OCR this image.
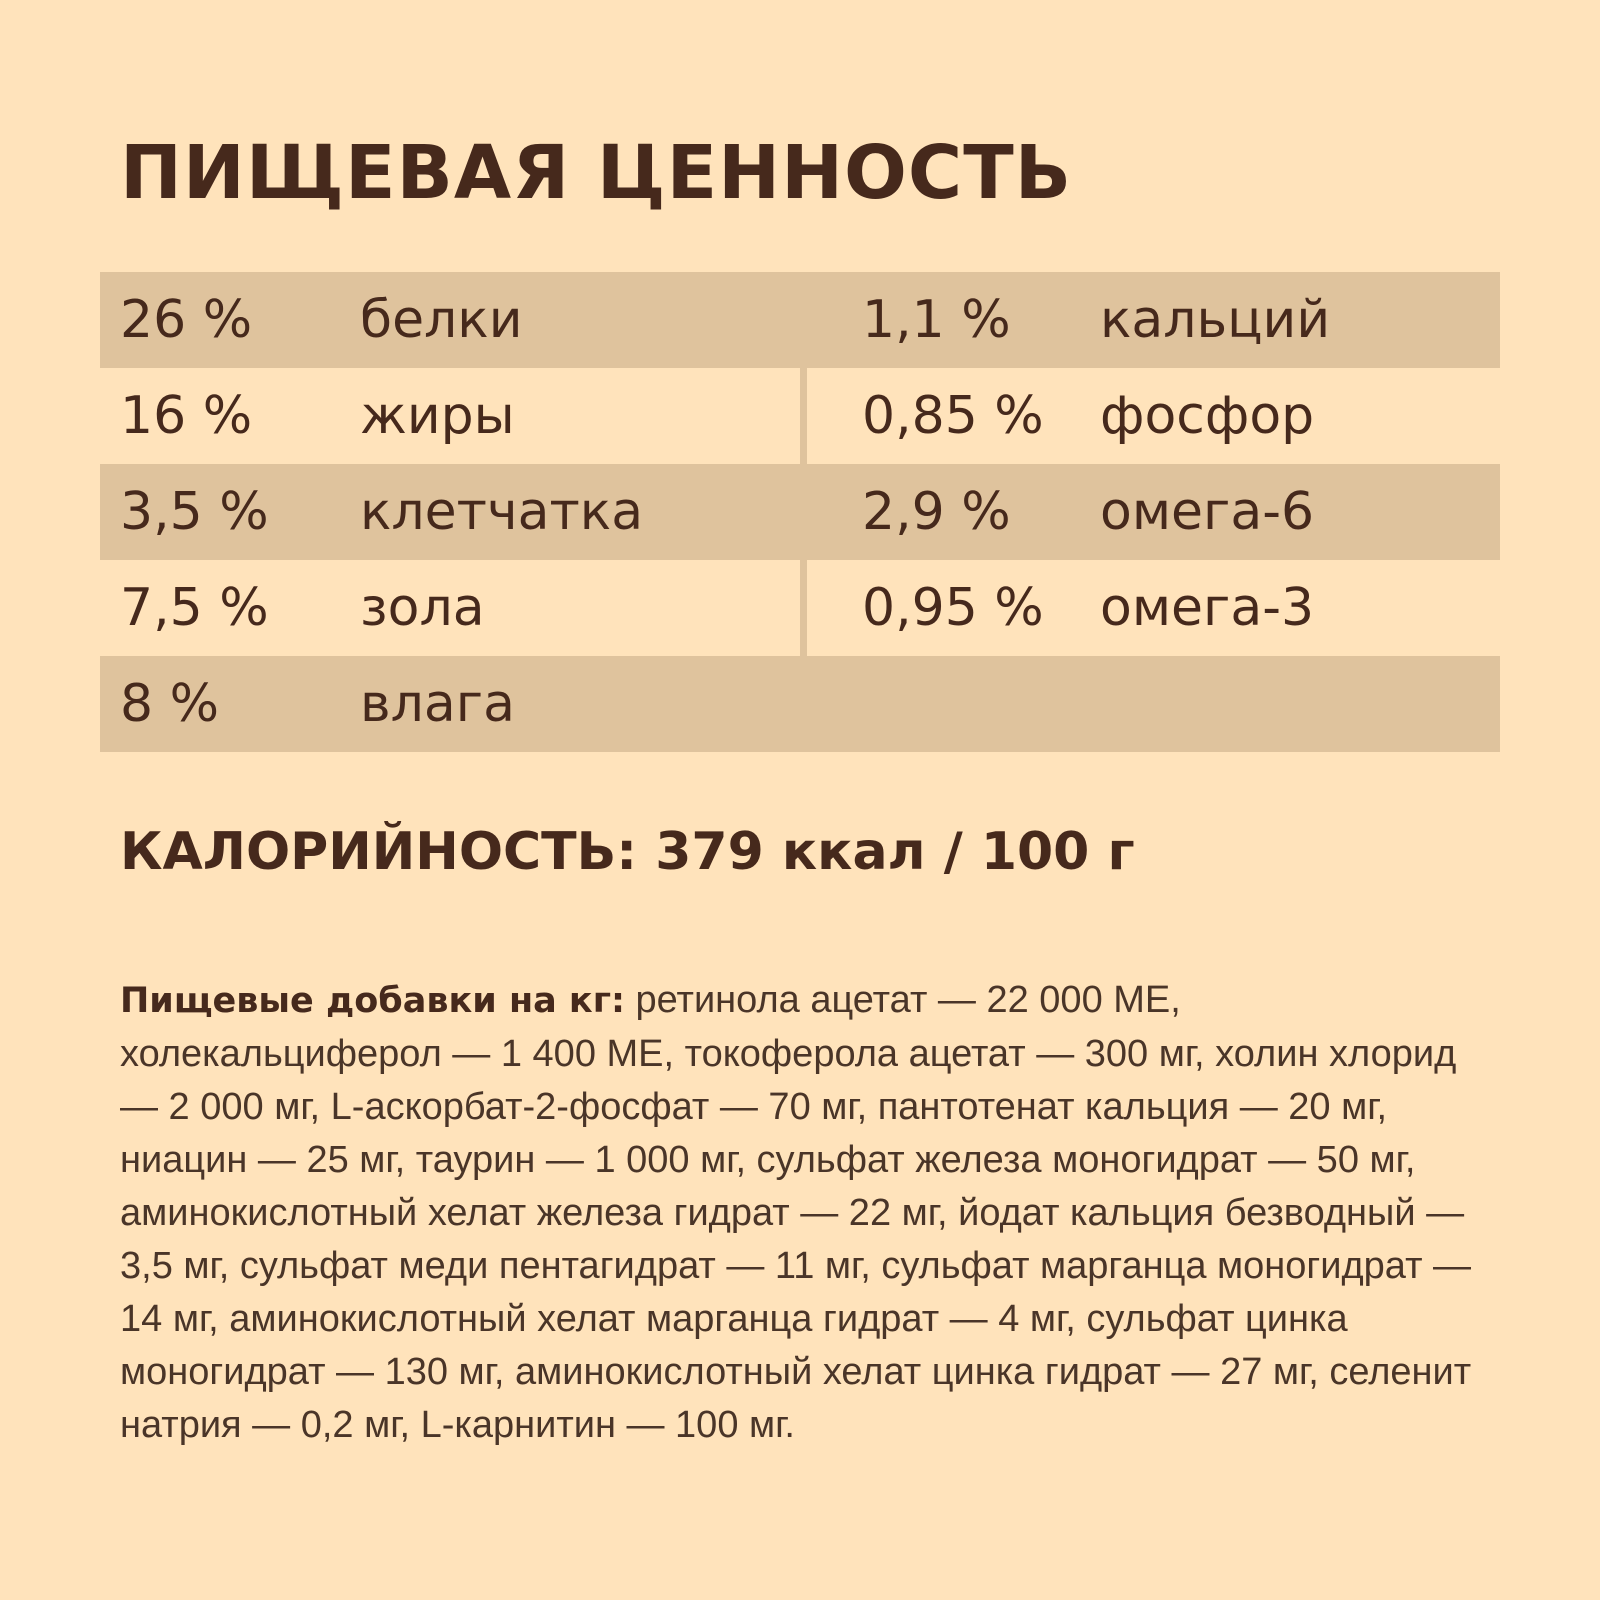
ПИЩЕВАЯ ЦЕННОСТЬ
26 % белки	1,1 % кальций
16 % жиры	0,85 % фосфор
3,5 % клетчатка	2,9 % омега-6
7,5 % зола	0,95 % омега-3
8 %	влага

КАЛОРИЙНОСТЬ: 379 ккал / 100 г

Пищевые добавки на кг: ретинола ацетат — 22 000 МЕ, холекальциферол — 1 400 МЕ, токоферола ацетат — 300 мг, холин хлорид — 2 000 мг, L-аскорбат-2-фосфат — 70 мг, пантотенат кальция — 20 мг, ниацин — 25 мг, таурин — 1 000 мг, сульфат железа моногидрат — 50 мг, аминокислотный хелат железа гидрат — 22 мг, йодат кальция безводный — 3,5 мг, сульфат меди пентагидрат — 11 мг, сульфат марганца моногидрат — 14 мг, аминокислотный хелат марганца гидрат — 4 мг, сульфат цинка моногидрат — 130 мг, аминокислотный хелат цинка гидрат — 27 мг, селенит натрия — 0,2 мг, L-карнитин — 100 мг.
